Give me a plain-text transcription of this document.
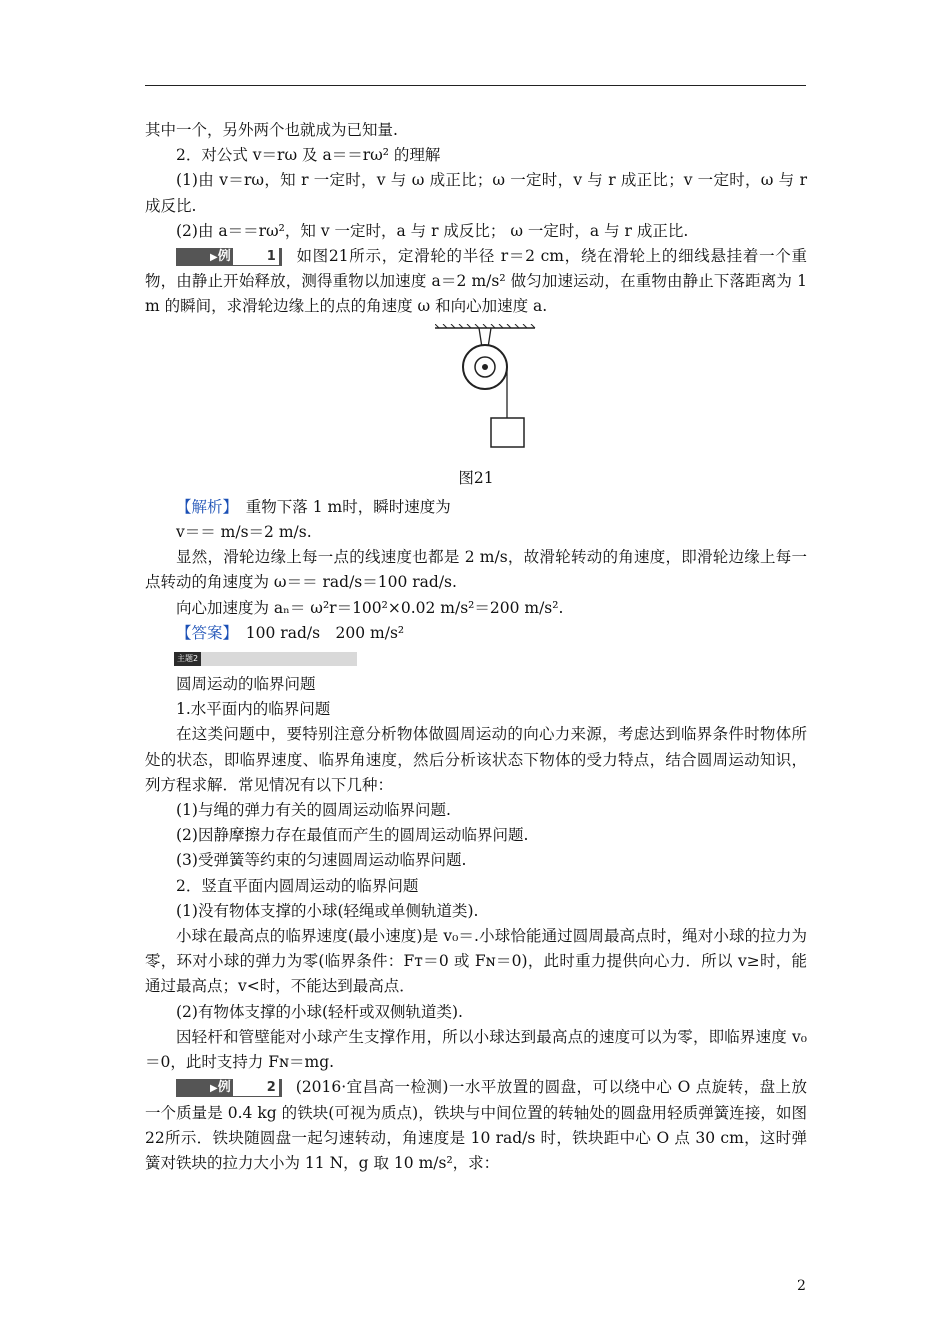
其中一个，另外两个也就成为已知量.

2．对公式 v＝rω 及 a＝＝rω² 的理解

(1)由 v＝rω，知 r 一定时，v 与 ω 成正比；ω 一定时，v 与 r 成正比；v 一定时，ω 与 r 成反比.

(2)由 a＝＝rω²，知 v 一定时，a 与 r 成反比； ω 一定时，a 与 r 成正比.

▶例	1 如图21所示，定滑轮的半径 r＝2 cm，绕在滑轮上的细线悬挂着一个重物，由静止开始释放，测得重物以加速度 a＝2 m/s² 做匀加速运动，在重物由静止下落距离为 1 m 的瞬间，求滑轮边缘上的点的角速度 ω 和向心加速度 a.

图21

【解析】　 重物下落 1 m时，瞬时速度为

v＝＝ m/s＝2 m/s.

显然，滑轮边缘上每一点的线速度也都是 2 m/s，故滑轮转动的角速度，即滑轮边缘上每一点转动的角速度为 ω＝＝ rad/s＝100 rad/s.

向心加速度为 aₙ＝ ω²r＝100²×0.02 m/s²＝200 m/s².

【答案】　 100 rad/s　200 m/s²

主题2

圆周运动的临界问题

1.水平面内的临界问题

在这类问题中，要特别注意分析物体做圆周运动的向心力来源，考虑达到临界条件时物体所处的状态，即临界速度、临界角速度，然后分析该状态下物体的受力特点，结合圆周运动知识，列方程求解．常见情况有以下几种：

(1)与绳的弹力有关的圆周运动临界问题.

(2)因静摩擦力存在最值而产生的圆周运动临界问题.

(3)受弹簧等约束的匀速圆周运动临界问题.

2．竖直平面内圆周运动的临界问题

(1)没有物体支撑的小球(轻绳或单侧轨道类).

小球在最高点的临界速度(最小速度)是 v₀＝.小球恰能通过圆周最高点时，绳对小球的拉力为零，环对小球的弹力为零(临界条件：Fᴛ＝0 或 Fɴ＝0)，此时重力提供向心力．所以 v≥时，能通过最高点；v<时，不能达到最高点．

(2)有物体支撑的小球(轻杆或双侧轨道类).

因轻杆和管壁能对小球产生支撑作用，所以小球达到最高点的速度可以为零，即临界速度 v₀＝0，此时支持力 Fɴ＝mg.

▶例	2 (2016·宜昌高一检测)一水平放置的圆盘，可以绕中心 O 点旋转，盘上放一个质量是 0.4 kg 的铁块(可视为质点)，铁块与中间位置的转轴处的圆盘用轻质弹簧连接，如图22所示．铁块随圆盘一起匀速转动，角速度是 10 rad/s 时，铁块距中心 O 点 30 cm，这时弹簧对铁块的拉力大小为 11 N，g 取 10 m/s²，求：

2
